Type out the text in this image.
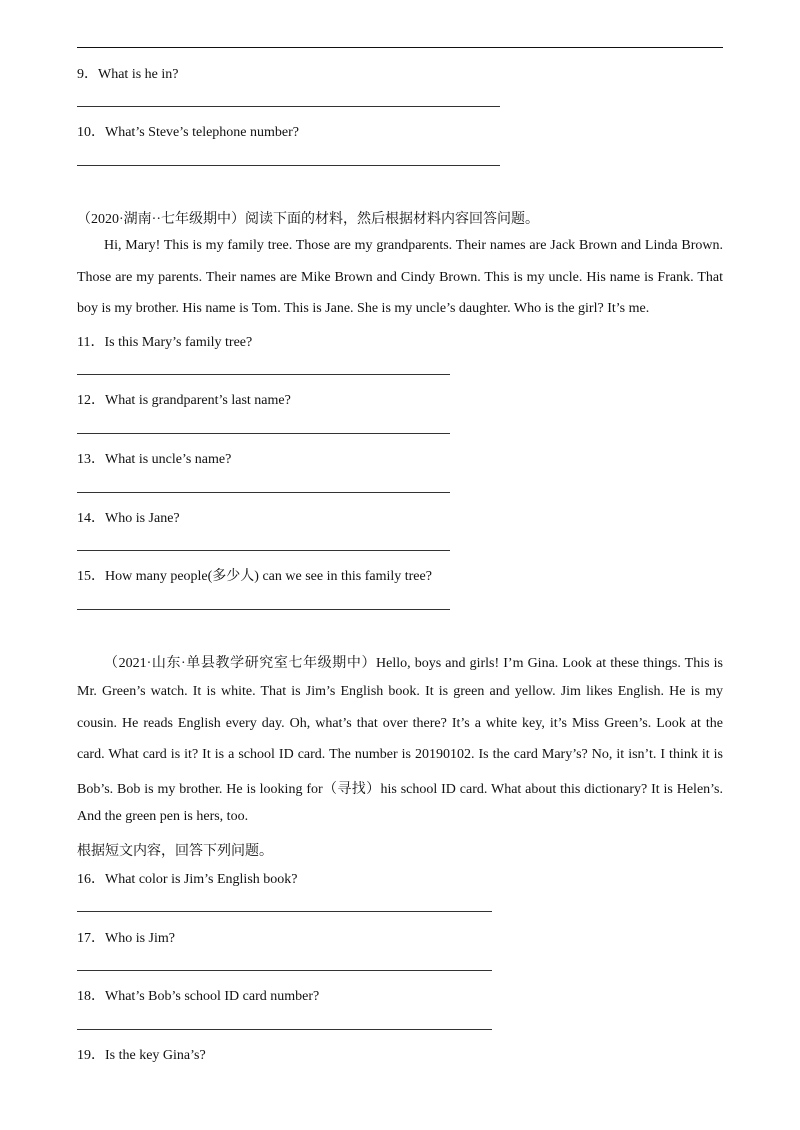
9．What is he in?
10．What’s Steve’s telephone number?
（2020·湖南··七年级期中）阅读下面的材料，然后根据材料内容回答问题。
Hi, Mary! This is my family tree. Those are my grandparents. Their names are Jack Brown and Linda Brown.
Those are my parents. Their names are Mike Brown and Cindy Brown. This is my uncle. His name is Frank. That
boy is my brother. His name is Tom. This is Jane. She is my uncle’s daughter. Who is the girl? It’s me.
11．Is this Mary’s family tree?
12．What is grandparent’s last name?
13．What is uncle’s name?
14．Who is Jane?
15．How many people(多少人) can we see in this family tree?
（2021·山东·单县教学研究室七年级期中）Hello, boys and girls! I’m Gina. Look at these things. This is
Mr. Green’s watch. It is white. That is Jim’s English book. It is green and yellow. Jim likes English. He is my
cousin. He reads English every day. Oh, what’s that over there? It’s a white key, it’s Miss Green’s. Look at the
card. What card is it? It is a school ID card. The number is 20190102. Is the card Mary’s? No, it isn’t. I think it is
Bob’s. Bob is my brother. He is looking for（寻找）his school ID card. What about this dictionary? It is Helen’s.
And the green pen is hers, too.
根据短文内容，回答下列问题。
16．What color is Jim’s English book?
17．Who is Jim?
18．What’s Bob’s school ID card number?
19．Is the key Gina’s?
